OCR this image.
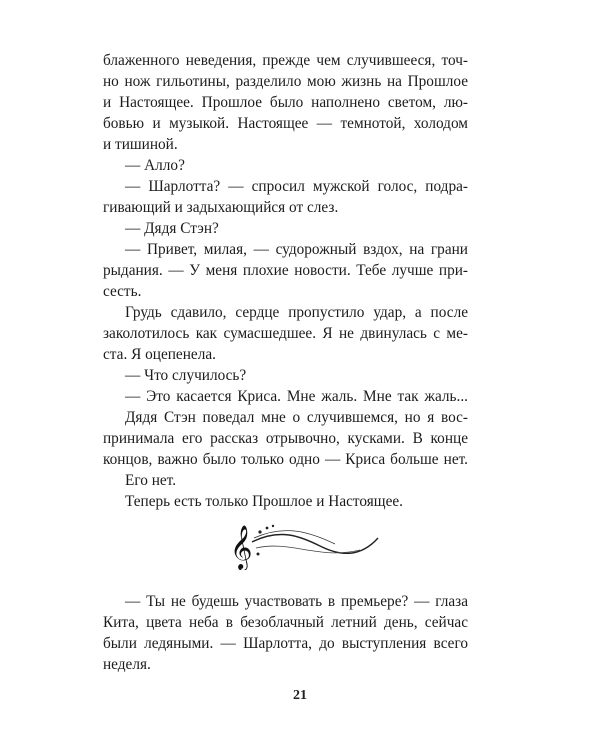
блаженного неведения, прежде чем случившееся, точ-
но нож гильотины, разделило мою жизнь на Прошлое
и Настоящее. Прошлое было наполнено светом, лю-
бовью и музыкой. Настоящее — темнотой, холодом
и тишиной.
— Алло?
— Шарлотта? — спросил мужской голос, подра-
гивающий и задыхающийся от слез.
— Дядя Стэн?
— Привет, милая, — судорожный вздох, на грани
рыдания. — У меня плохие новости. Тебе лучше при-
сесть.
Грудь сдавило, сердце пропустило удар, а после
заколотилось как сумасшедшее. Я не двинулась с ме-
ста. Я оцепенела.
— Что случилось?
— Это касается Криса. Мне жаль. Мне так жаль...
Дядя Стэн поведал мне о случившемся, но я вос-
принимала его рассказ отрывочно, кусками. В конце
концов, важно было только одно — Криса больше нет.
Его нет.
Теперь есть только Прошлое и Настоящее.
𝄞
— Ты не будешь участвовать в премьере? — глаза
Кита, цвета неба в безоблачный летний день, сейчас
были ледяными. — Шарлотта, до выступления всего
неделя.
21
